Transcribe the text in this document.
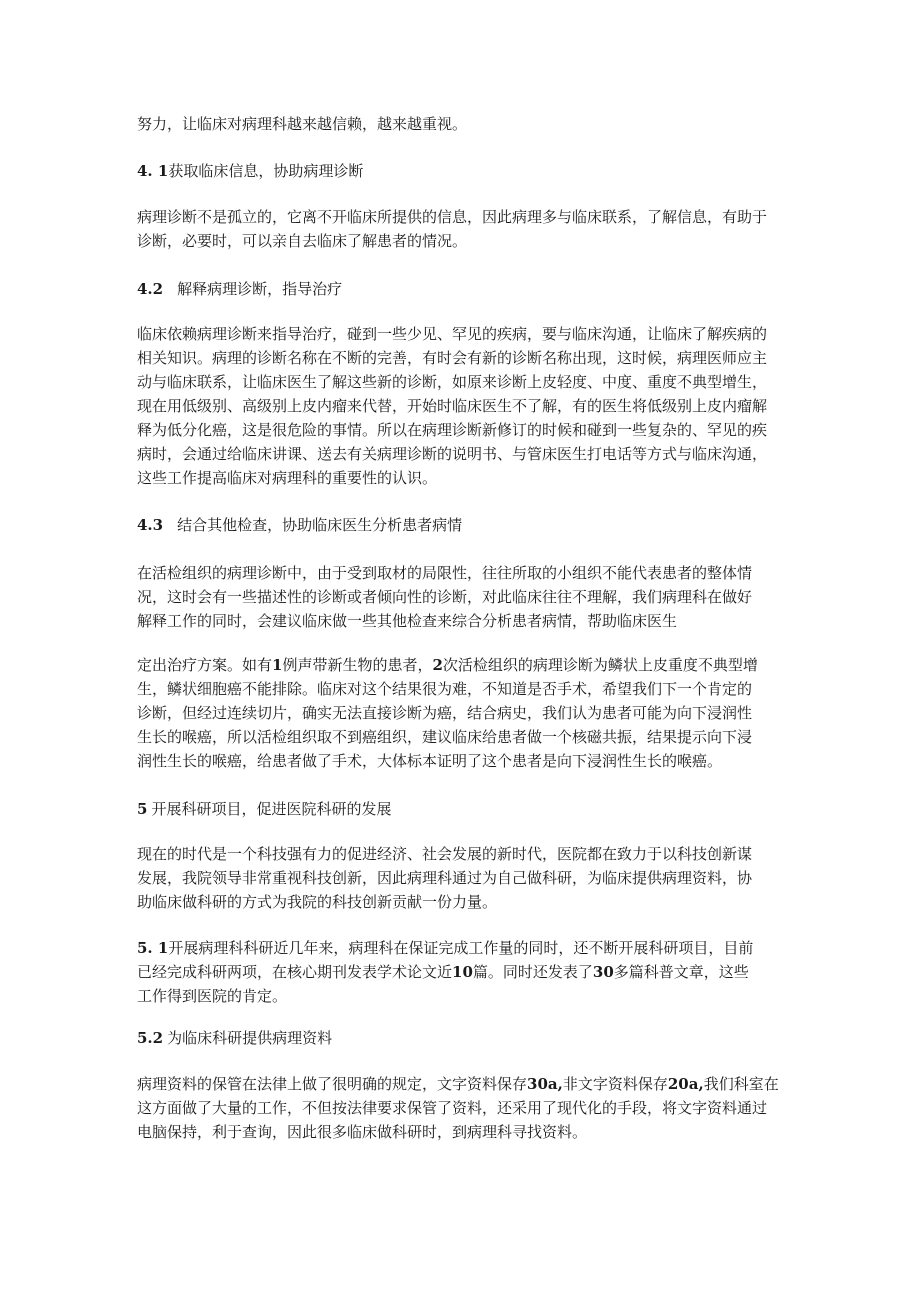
努力，让临床对病理科越来越信赖，越来越重视。
4. 1获取临床信息，协助病理诊断
病理诊断不是孤立的，它离不开临床所提供的信息，因此病理多与临床联系，了解信息，有助于
诊断，必要时，可以亲自去临床了解患者的情况。
4.2 解释病理诊断，指导治疗
临床依赖病理诊断来指导治疗，碰到一些少见、罕见的疾病，要与临床沟通，让临床了解疾病的
相关知识。病理的诊断名称在不断的完善，有时会有新的诊断名称出现，这时候，病理医师应主
动与临床联系，让临床医生了解这些新的诊断，如原来诊断上皮轻度、中度、重度不典型增生，
现在用低级别、高级别上皮内瘤来代替，开始时临床医生不了解，有的医生将低级别上皮内瘤解
释为低分化癌，这是很危险的事情。所以在病理诊断新修订的时候和碰到一些复杂的、罕见的疾
病时，会通过给临床讲课、送去有关病理诊断的说明书、与管床医生打电话等方式与临床沟通，
这些工作提高临床对病理科的重要性的认识。
4.3 结合其他检查，协助临床医生分析患者病情
在活检组织的病理诊断中，由于受到取材的局限性，往往所取的小组织不能代表患者的整体情
况，这时会有一些描述性的诊断或者倾向性的诊断，对此临床往往不理解，我们病理科在做好
解释工作的同时，会建议临床做一些其他检查来综合分析患者病情，帮助临床医生
定出治疗方案。如有1例声带新生物的患者，2次活检组织的病理诊断为鳞状上皮重度不典型增
生，鳞状细胞癌不能排除。临床对这个结果很为难，不知道是否手术，希望我们下一个肯定的
诊断，但经过连续切片，确实无法直接诊断为癌，结合病史，我们认为患者可能为向下浸润性
生长的喉癌，所以活检组织取不到癌组织，建议临床给患者做一个核磁共振，结果提示向下浸
润性生长的喉癌，给患者做了手术，大体标本证明了这个患者是向下浸润性生长的喉癌。
5 开展科研项目，促进医院科研的发展
现在的时代是一个科技强有力的促进经济、社会发展的新时代，医院都在致力于以科技创新谋
发展，我院领导非常重视科技创新，因此病理科通过为自己做科研，为临床提供病理资料，协
助临床做科研的方式为我院的科技创新贡献一份力量。
5. 1开展病理科科研近几年来，病理科在保证完成工作量的同时，还不断开展科研项目，目前
已经完成科研两项，在核心期刊发表学术论文近10篇。同时还发表了30多篇科普文章，这些
工作得到医院的肯定。
5.2 为临床科研提供病理资料
病理资料的保管在法律上做了很明确的规定，文字资料保存30a,非文字资料保存20a,我们科室在
这方面做了大量的工作，不但按法律要求保管了资料，还采用了现代化的手段，将文字资料通过
电脑保持，利于查询，因此很多临床做科研时，到病理科寻找资料。
